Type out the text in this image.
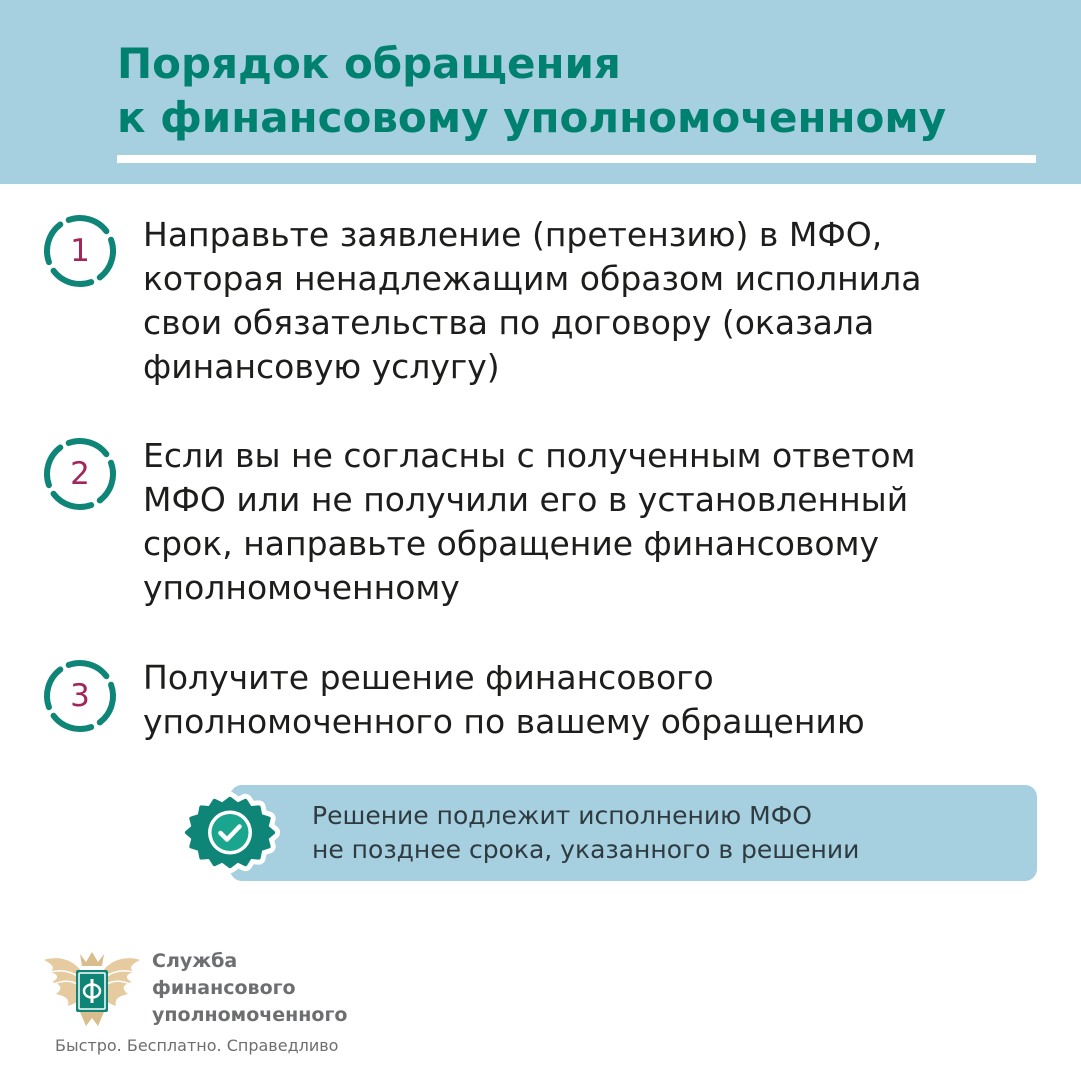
Порядок обращения
к финансовому уполномоченному
1	Направьте заявление (претензию) в МФО,
которая ненадлежащим образом исполнила
свои обязательства по договору (оказала
финансовую услугу)
2	Если вы не согласны с полученным ответом
МФО или не получили его в установленный
срок, направьте обращение финансовому
уполномоченному
3	Получите решение финансового
уполномоченного по вашему обращению
Решение подлежит исполнению МФО
не позднее срока, указанного в решении
Служба
финансового
уполномоченного
Быстро. Бесплатно. Справедливо
